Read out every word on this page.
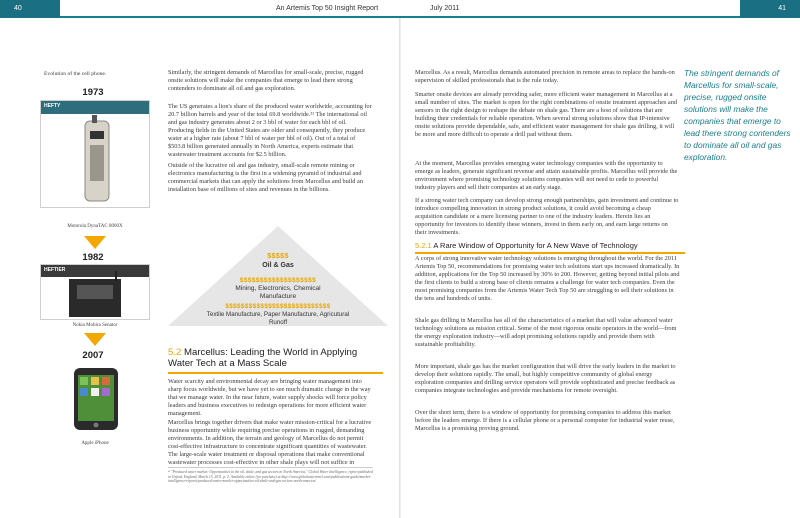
40	An Artemis Top 50 Insight Report	July 2011	41
Evolution of the cell phone.
1973
HEFTY
Motorola DynaTAC 8000X
1982
HEFTIER
Nokia Mobira Senator
2007
Apple iPhone
Similarly, the stringent demands of Marcellus for small-scale, precise, rugged onsite solutions will make the companies that emerge to lead there strong contenders to dominate all oil and gas exploration.
The US generates a lion's share of the produced water worldwide, accounting for 20.7 billion barrels and year of the total 69.8 worldwide.²¹ The international oil and gas industry generates about 2 or 3 bbl of water for each bbl of oil. Producing fields in the United States are older and consequently, they produce water at a higher rate (about 7 bbl of water per bbl of oil). Out of a total of $503.8 billion generated annually in North America, experts estimate that wastewater treatment accounts for $2.5 billion.
Outside of the lucrative oil and gas industry, small-scale remote mining or electronics manufacturing is the first in a widening pyramid of industrial and commercial markets that can apply the solutions from Marcellus and build an installation base of millions of sites and revenues in the billions.
$$$$$
Oil & Gas
$$$$$$$$$$$$$$$$$$$
Mining, Electronics, Chemical Manufacture
$$$$$$$$$$$$$$$$$$$$$$$$$$$
Textile Manufacture, Paper Manufacture, Agricutural Runoff
5.2 Marcellus: Leading the World in Applying Water Tech at a Mass Scale
Water scarcity and environmental decay are bringing water management into sharp focus worldwide, but we have yet to see much dramatic change in the way that we manage water. In the near future, water supply shocks will force policy leaders and business executives to redesign operations for more efficient water management.
Marcellus brings together drivers that make water mission-critical for a lucrative business opportunity while requiring precise operations in rugged, demanding environments. In addition, the terrain and geology of Marcellus do not permit cost-effective infrastructure to concentrate significant quantities of wastewater. The large-scale water treatment or disposal operations that make conventional wastewater processes cost-effective in other shale plays will not suffice in
²¹ "Produced water market: Opportunities in the oil, shale, and gas sectors in North America," Global Water Intelligence, report published in Oxford, England, March 15, 2011, p. 2. Available online (for purchase) at http://www.globalwaterintel.com/publications-guide/market-intelligence-reports/produced-water-market-opportunities-oil-shale-and-gas-sectors-north-america/
Marcellus. As a result, Marcellus demands automated precision in remote areas to replace the hands-on supervision of skilled professionals that is the rule today.
Smarter onsite devices are already providing safer, more efficient water management in Marcellus at a small number of sites. The market is open for the right combinations of onsite treatment approaches and sensors in the right design to reshape the debate on shale gas. There are a host of solutions that are building their credentials for reliable operation. When several strong solutions show that IP-intensive onsite solutions provide dependable, safe, and efficient water management for shale gas drilling, it will be more and more difficult to operate a drill pad without them.
At the moment, Marcellus provides emerging water technology companies with the opportunity to emerge as leaders, generate significant revenue and attain sustainable profits. Marcellus will provide the environment where promising technology solutions companies will not need to cede to powerful industry players and sell their companies at an early stage.
If a strong water tech company can develop strong enough partnerships, gain investment and continue to introduce compelling innovation in strong product solutions, it could avoid becoming a cheap acquisition candidate or a mere licensing partner to one of the industry leaders. Herein lies an opportunity for investors to identify these winners, invest in them early on, and earn large returns on their investments.
5.2.1 A Rare Window of Opportunity for A New Wave of Technology
A corps of strong innovative water technology solutions is emerging throughout the world. For the 2011 Artemis Top 50, recommendations for promising water tech solutions start ups increased dramatically. In addition, applications for the Top 50 increased by 30% to 200. However, getting beyond initial pilots and the first clients to build a strong base of clients remains a challenge for water tech companies. Even the most promising companies from the Artemis Water Tech Top 50 are struggling to sell their solutions in the tens and hundreds of units.
Shale gas drilling in Marcellus has all of the characteristics of a market that will value advanced water technology solutions as mission critical. Some of the most rigorous onsite operators in the world—from the energy exploration industry—will adopt promising solutions rapidly and provide them with sustainable profitability.
More important, shale gas has the market configuration that will drive the early leaders in the market to develop their solutions rapidly. The small, but highly competitive community of global energy exploration companies and drilling service operators will provide sophisticated and precise feedback as companies integrate technologies and provide mechanisms for remote oversight.
Over the short term, there is a window of opportunity for promising companies to address this market before the leaders emerge. If there is a cellular phone or a personal computer for industrial water reuse, Marcellus is a promising proving ground.
The stringent demands of Marcellus for small-scale, precise, rugged onsite solutions will make the companies that emerge to lead there strong contenders to dominate all oil and gas exploration.
